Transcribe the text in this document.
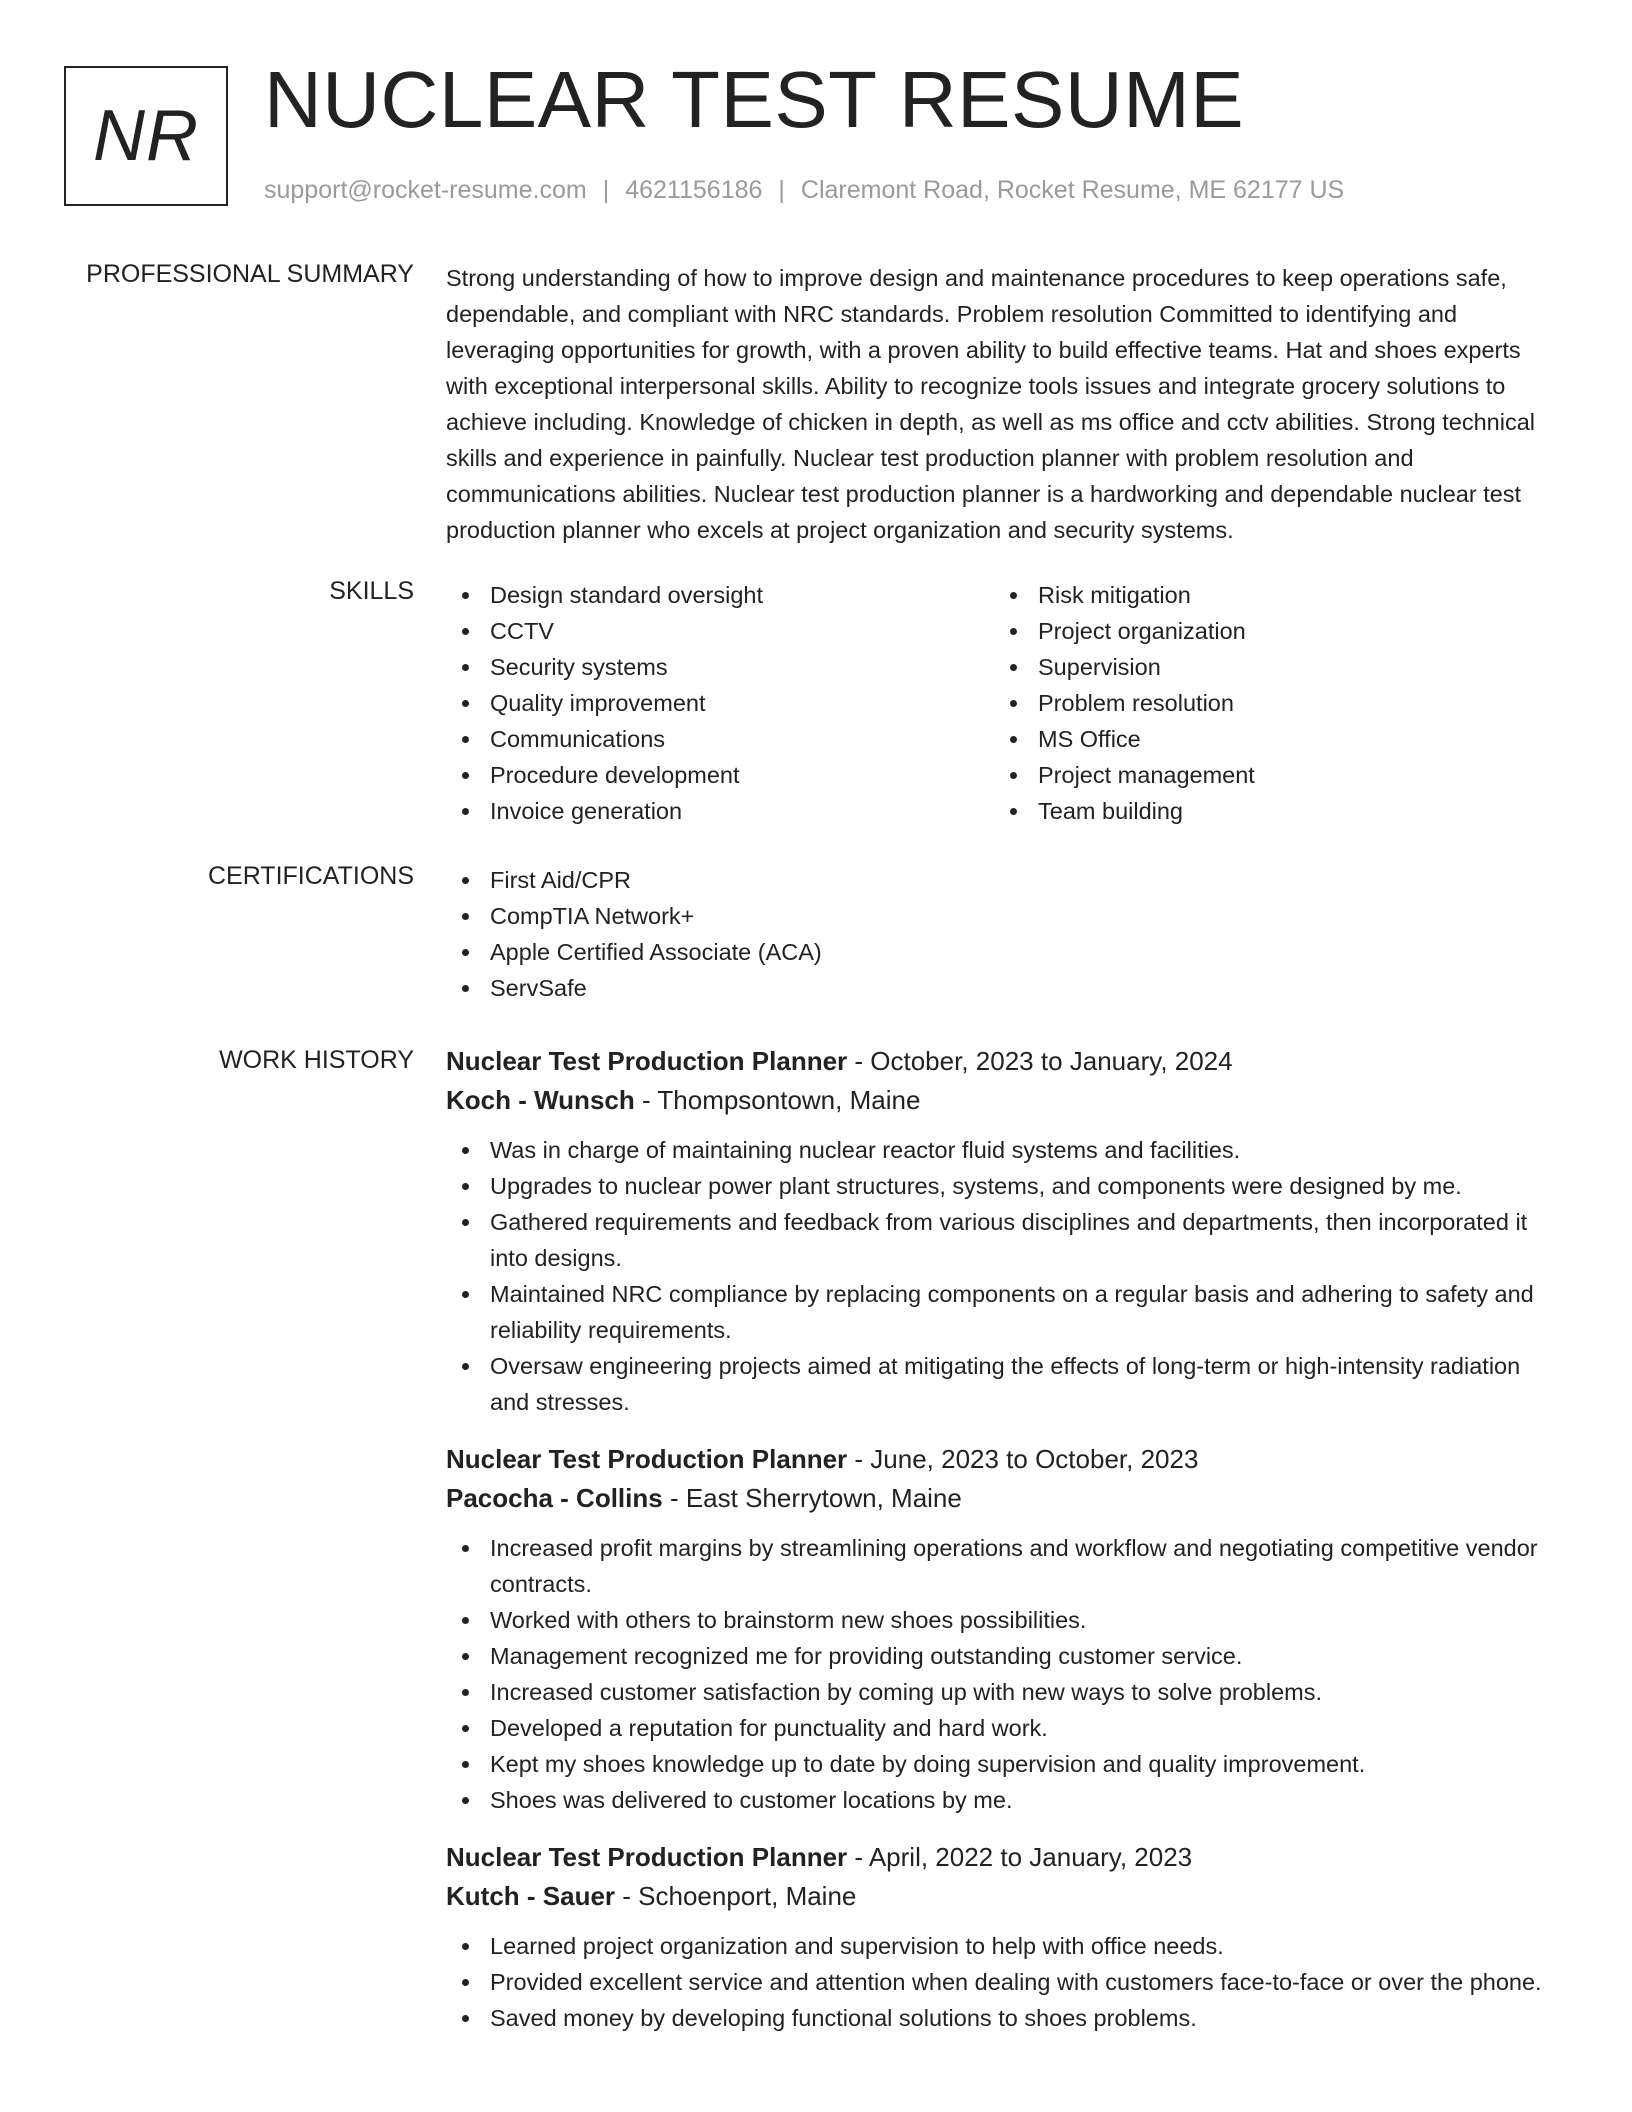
NR NUCLEAR TEST RESUME
support@rocket-resume.com | 4621156186 | Claremont Road, Rocket Resume, ME 62177 US
PROFESSIONAL SUMMARY Strong understanding of how to improve design and maintenance procedures to keep operations safe, dependable, and compliant with NRC standards. Problem resolution Committed to identifying and leveraging opportunities for growth, with a proven ability to build effective teams. Hat and shoes experts with exceptional interpersonal skills. Ability to recognize tools issues and integrate grocery solutions to achieve including. Knowledge of chicken in depth, as well as ms office and cctv abilities. Strong technical skills and experience in painfully. Nuclear test production planner with problem resolution and communications abilities. Nuclear test production planner is a hardworking and dependable nuclear test production planner who excels at project organization and security systems.

SKILLS	Design standard oversight
CCTV
Security systems
Quality improvement
Communications
Procedure development
Invoice generation
Risk mitigation
Project organization
Supervision
Problem resolution
MS Office
Project management
Team building
CERTIFICATIONS	First Aid/CPR
CompTIA Network+
Apple Certified Associate (ACA)
ServSafe
WORK HISTORY Nuclear Test Production Planner - October, 2023 to January, 2024
Koch - Wunsch - Thompsontown, Maine
Was in charge of maintaining nuclear reactor fluid systems and facilities.
Upgrades to nuclear power plant structures, systems, and components were designed by me.
Gathered requirements and feedback from various disciplines and departments, then incorporated it into designs.
Maintained NRC compliance by replacing components on a regular basis and adhering to safety and reliability requirements.
Oversaw engineering projects aimed at mitigating the effects of long-term or high-intensity radiation and stresses.
Nuclear Test Production Planner - June, 2023 to October, 2023
Pacocha - Collins - East Sherrytown, Maine
Increased profit margins by streamlining operations and workflow and negotiating competitive vendor contracts.
Worked with others to brainstorm new shoes possibilities.
Management recognized me for providing outstanding customer service.
Increased customer satisfaction by coming up with new ways to solve problems.
Developed a reputation for punctuality and hard work.
Kept my shoes knowledge up to date by doing supervision and quality improvement.
Shoes was delivered to customer locations by me.
Nuclear Test Production Planner - April, 2022 to January, 2023
Kutch - Sauer - Schoenport, Maine
Learned project organization and supervision to help with office needs.
Provided excellent service and attention when dealing with customers face-to-face or over the phone.
Saved money by developing functional solutions to shoes problems.
